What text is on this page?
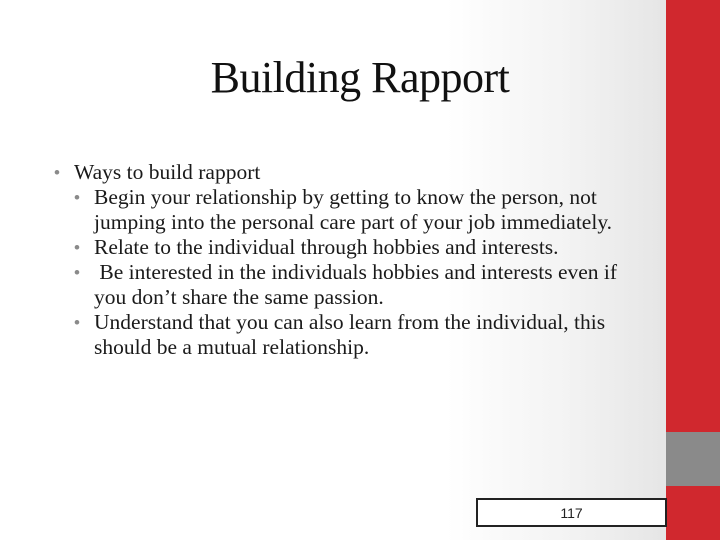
Building Rapport

• Ways to build rapport

• Begin your relationship by getting to know the person, not jumping into the personal care part of your job immediately.

• Relate to the individual through hobbies and interests.

• Be interested in the individuals hobbies and interests even if you don’t share the same passion.

• Understand that you can also learn from the individual, this should be a mutual relationship.

117
